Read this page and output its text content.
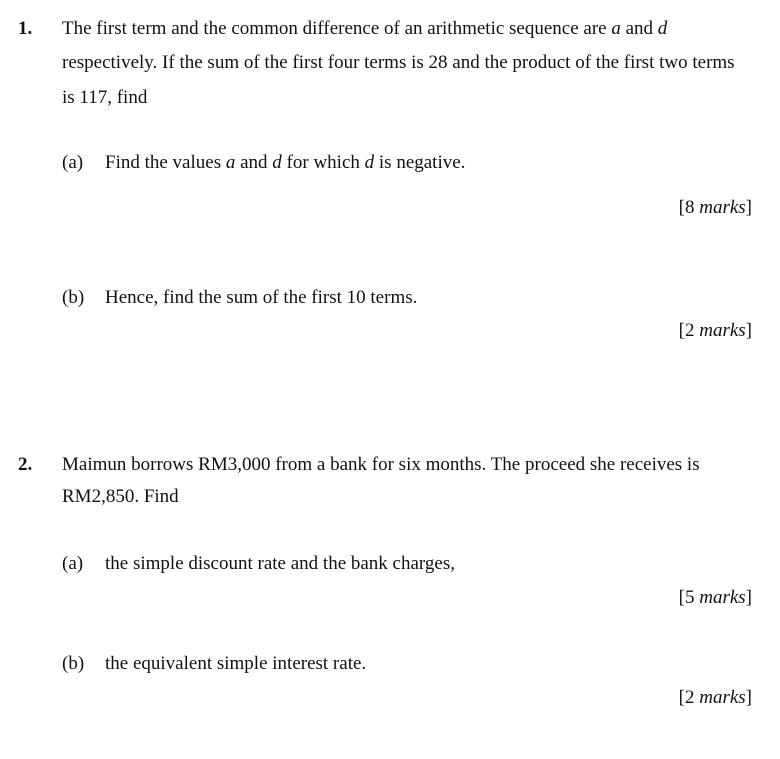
1. The first term and the common difference of an arithmetic sequence are a and d
respectively. If the sum of the first four terms is 28 and the product of the first two terms
is 117, find
(a) Find the values a and d for which d is negative.
[8 marks]
(b) Hence, find the sum of the first 10 terms.
[2 marks]
2. Maimun borrows RM3,000 from a bank for six months. The proceed she receives is
RM2,850. Find
(a) the simple discount rate and the bank charges,
[5 marks]
(b) the equivalent simple interest rate.
[2 marks]
